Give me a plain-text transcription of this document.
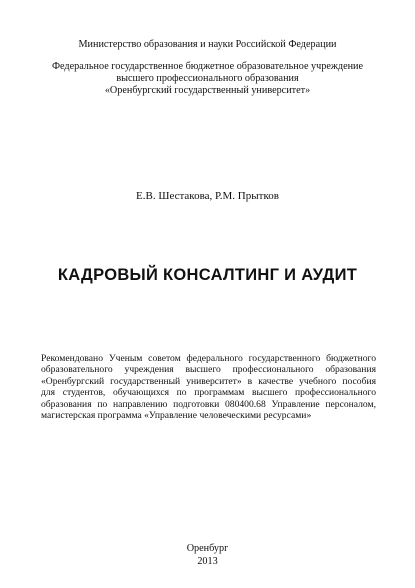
Министерство образования и науки Российской Федерации
Федеральное государственное бюджетное образовательное учреждение
высшего профессионального образования
«Оренбургский государственный университет»
Е.В. Шестакова, Р.М. Прытков
КАДРОВЫЙ КОНСАЛТИНГ И АУДИТ
Рекомендовано Ученым советом федерального государственного бюджетного
образовательного учреждения высшего профессионального образования
«Оренбургский государственный университет» в качестве учебного пособия
для студентов, обучающихся по программам высшего профессионального
образования по направлению подготовки 080400.68 Управление персоналом,
магистерская программа «Управление человеческими ресурсами»
Оренбург
2013
